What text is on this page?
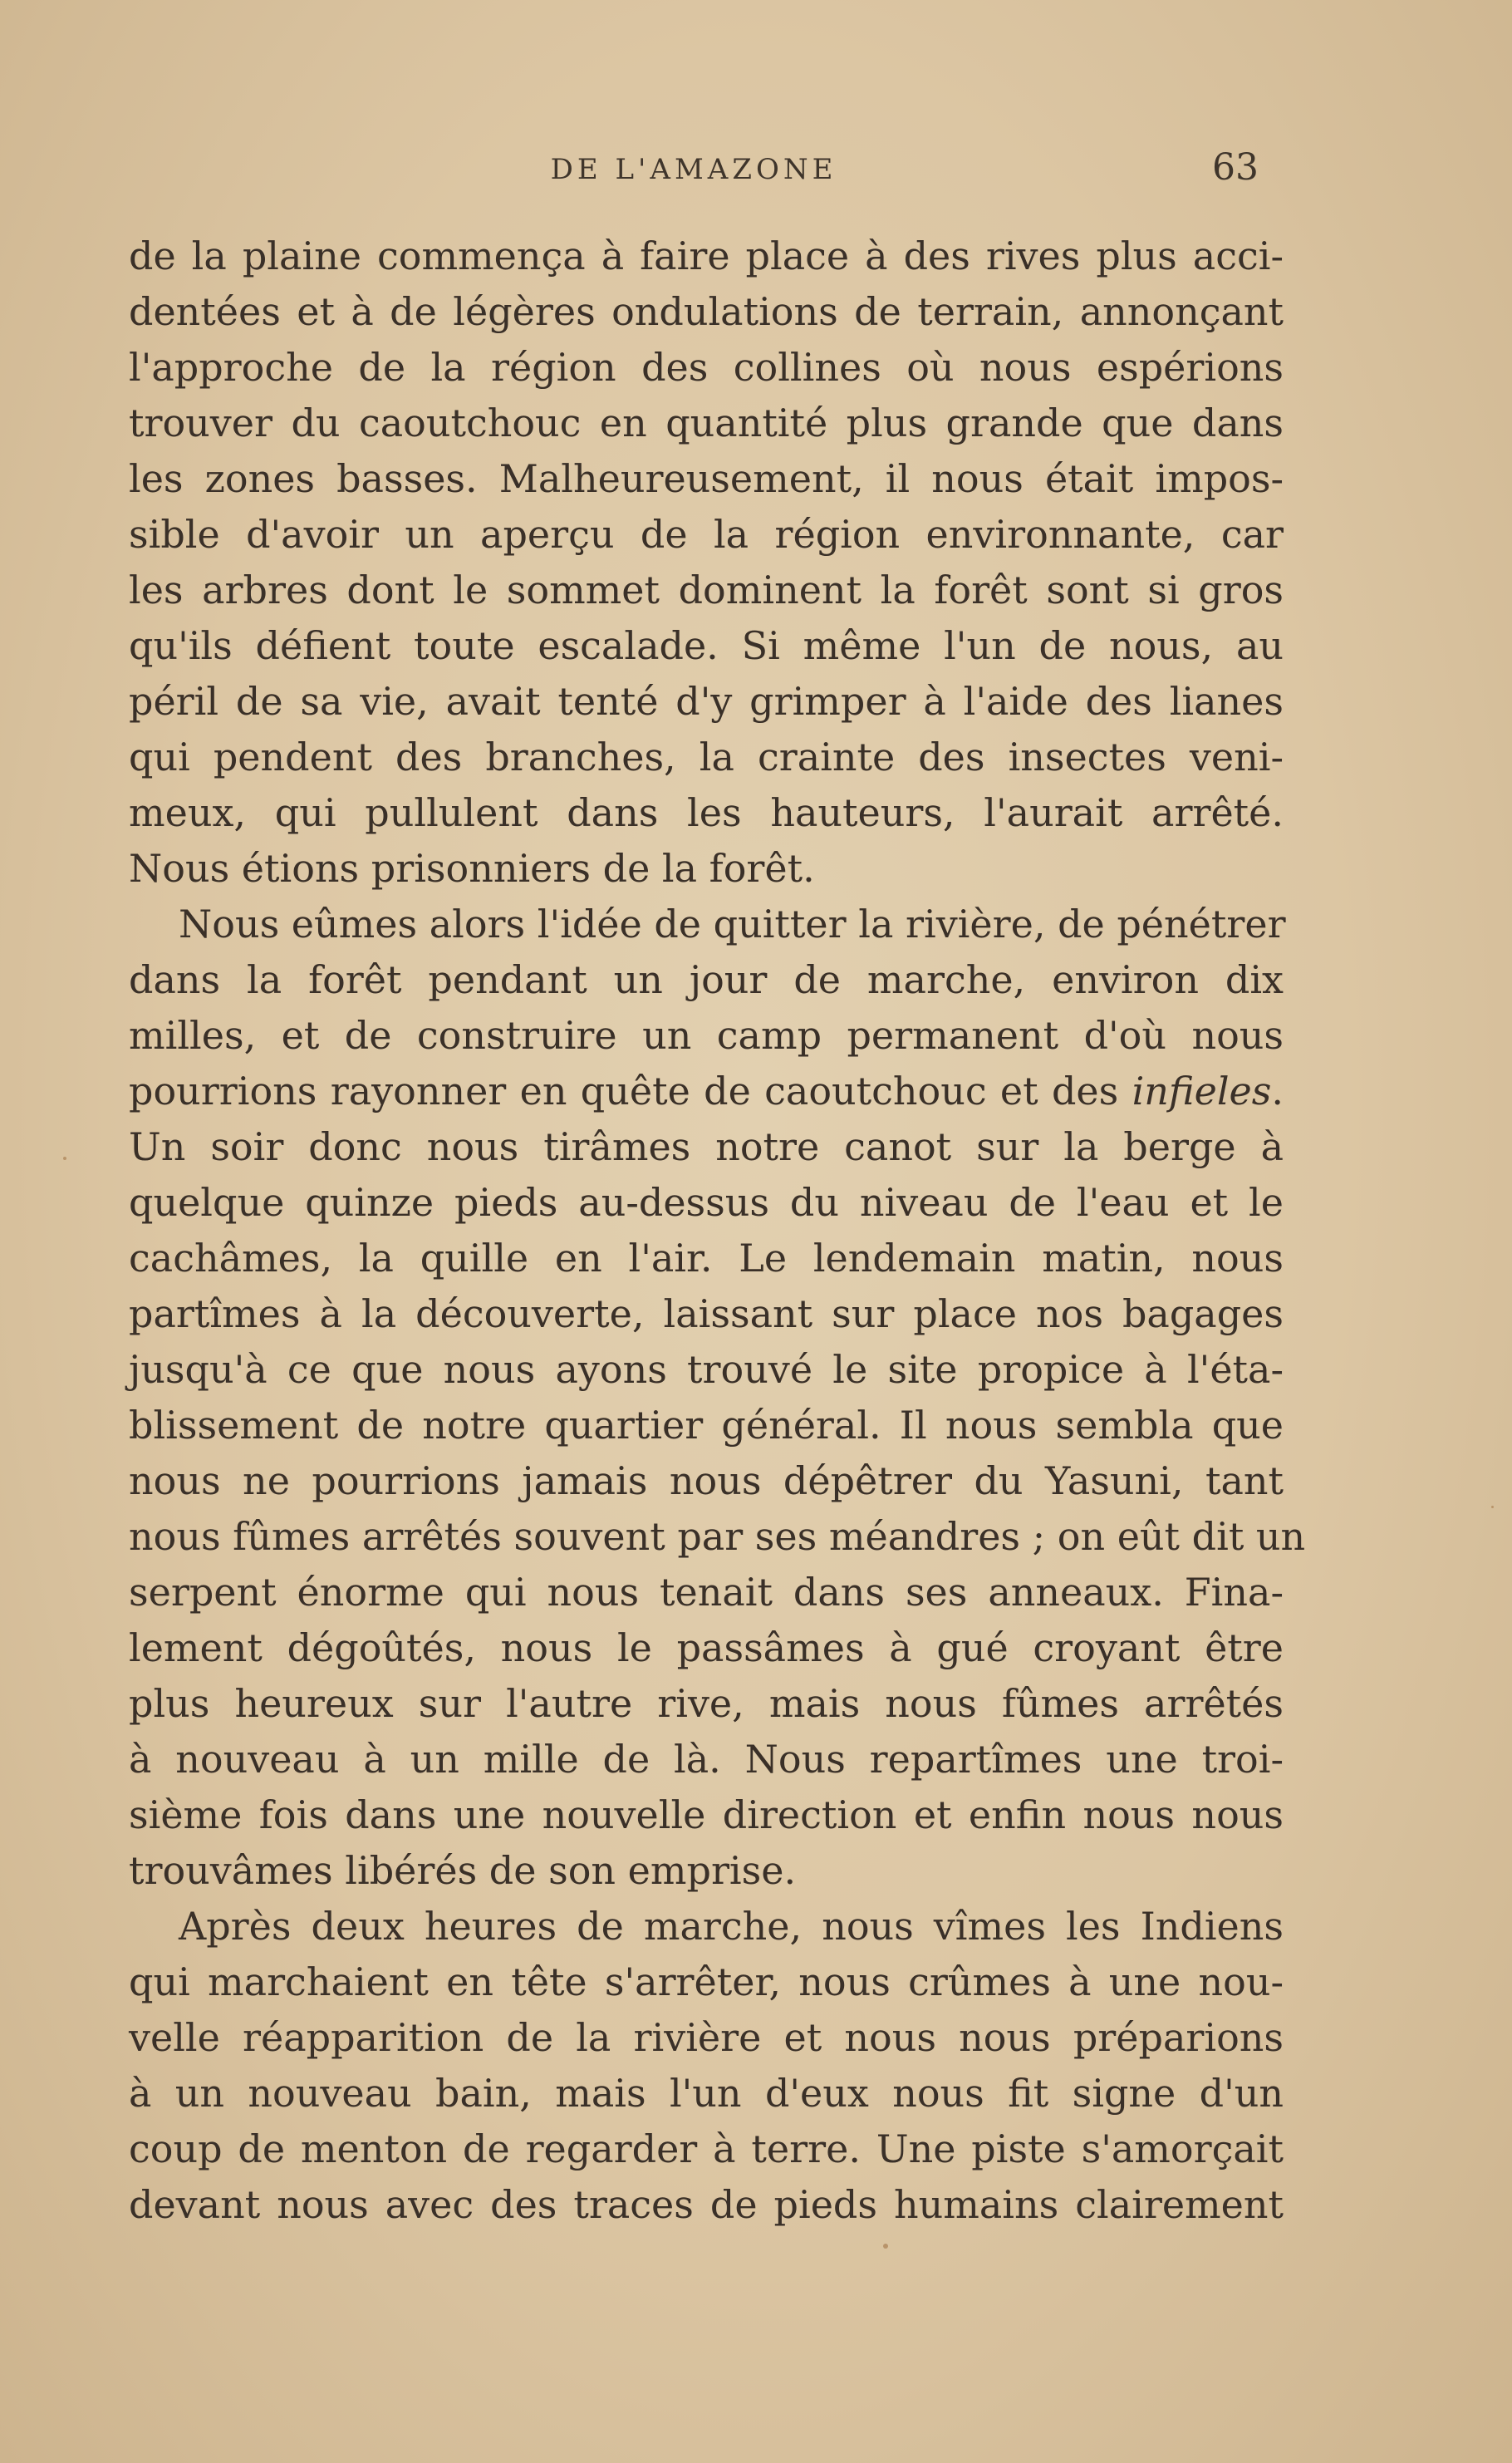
DE L'AMAZONE	63
de la plaine commença à faire place à des rives plus acci-
dentées et à de légères ondulations de terrain, annonçant
l'approche de la région des collines où nous espérions
trouver du caoutchouc en quantité plus grande que dans
les zones basses. Malheureusement, il nous était impos-
sible d'avoir un aperçu de la région environnante, car
les arbres dont le sommet dominent la forêt sont si gros
qu'ils défient toute escalade. Si même l'un de nous, au
péril de sa vie, avait tenté d'y grimper à l'aide des lianes
qui pendent des branches, la crainte des insectes veni-
meux, qui pullulent dans les hauteurs, l'aurait arrêté.
Nous étions prisonniers de la forêt.
Nous eûmes alors l'idée de quitter la rivière, de pénétrer
dans la forêt pendant un jour de marche, environ dix
milles, et de construire un camp permanent d'où nous
pourrions rayonner en quête de caoutchouc et des infieles.
Un soir donc nous tirâmes notre canot sur la berge à
quelque quinze pieds au-dessus du niveau de l'eau et le
cachâmes, la quille en l'air. Le lendemain matin, nous
partîmes à la découverte, laissant sur place nos bagages
jusqu'à ce que nous ayons trouvé le site propice à l'éta-
blissement de notre quartier général. Il nous sembla que
nous ne pourrions jamais nous dépêtrer du Yasuni, tant
nous fûmes arrêtés souvent par ses méandres ; on eût dit un
serpent énorme qui nous tenait dans ses anneaux. Fina-
lement dégoûtés, nous le passâmes à gué croyant être
plus heureux sur l'autre rive, mais nous fûmes arrêtés
à nouveau à un mille de là. Nous repartîmes une troi-
sième fois dans une nouvelle direction et enfin nous nous
trouvâmes libérés de son emprise.
Après deux heures de marche, nous vîmes les Indiens
qui marchaient en tête s'arrêter, nous crûmes à une nou-
velle réapparition de la rivière et nous nous préparions
à un nouveau bain, mais l'un d'eux nous fit signe d'un
coup de menton de regarder à terre. Une piste s'amorçait
devant nous avec des traces de pieds humains clairement
